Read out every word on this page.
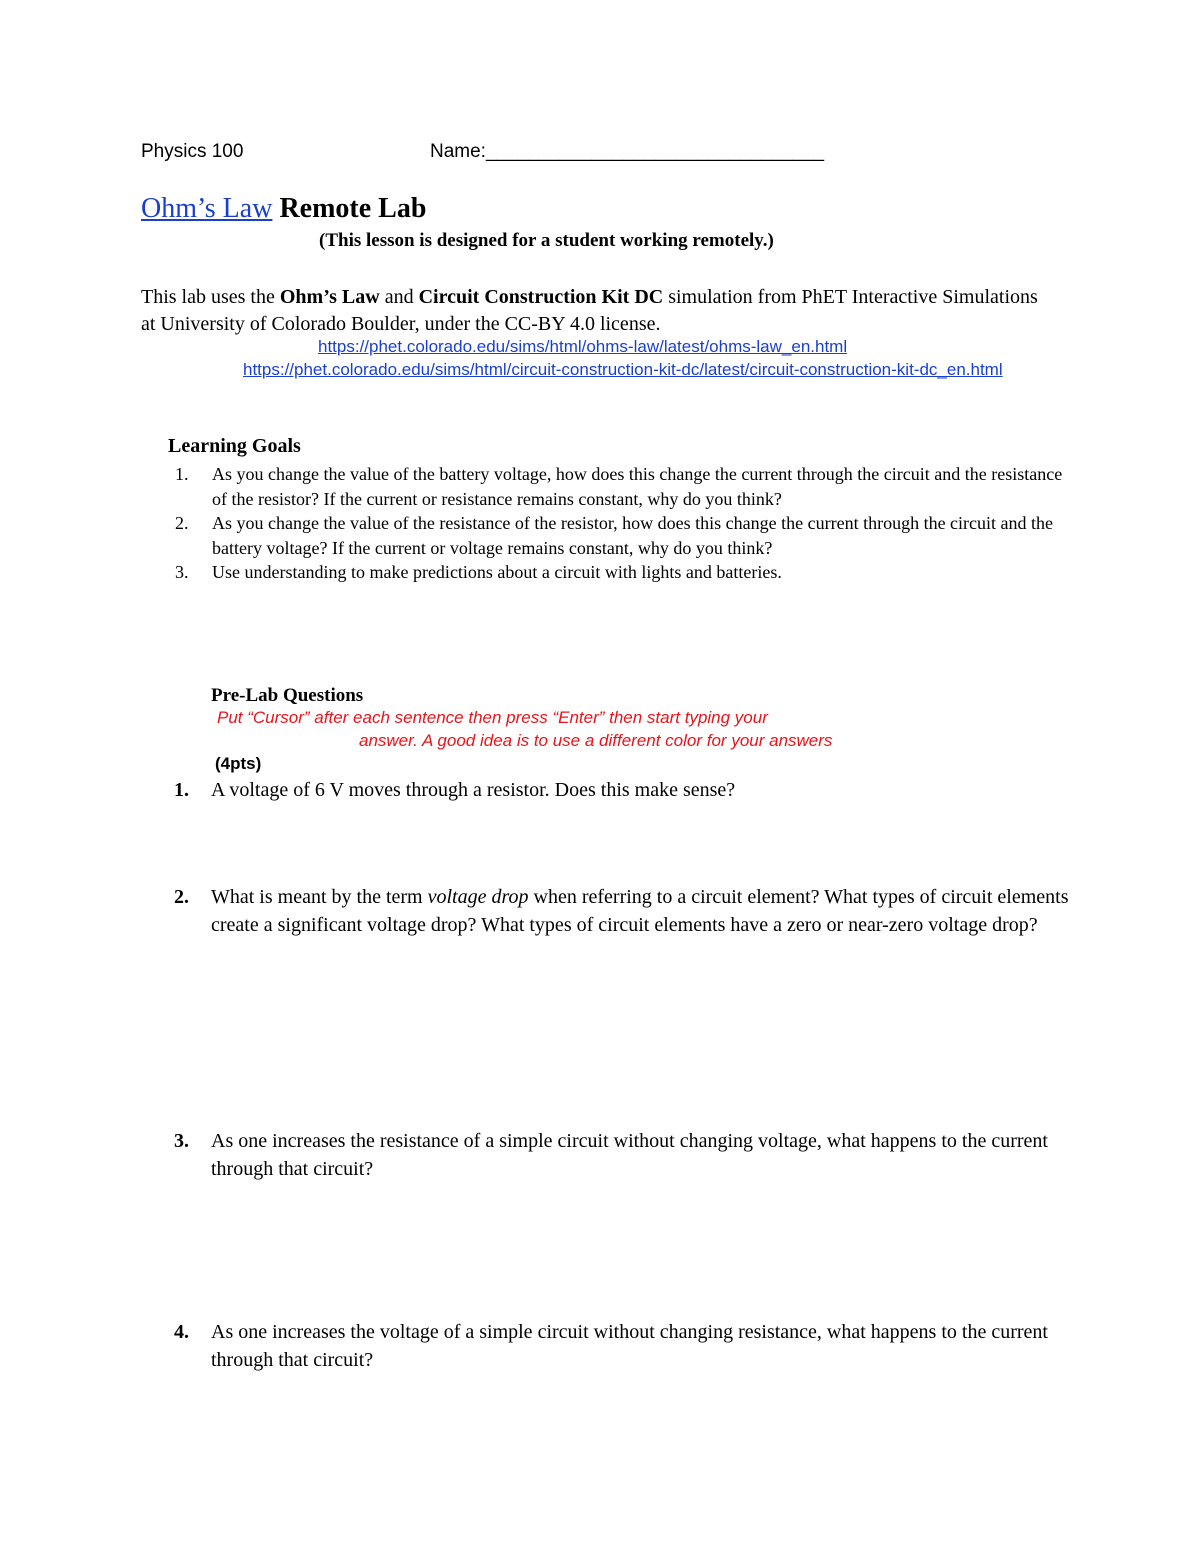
Physics 100	Name:________________________________
Ohm’s Law Remote Lab
(This lesson is designed for a student working remotely.)
This lab uses the Ohm’s Law and Circuit Construction Kit DC simulation from PhET Interactive Simulations at University of Colorado Boulder, under the CC-BY 4.0 license.
https://phet.colorado.edu/sims/html/ohms-law/latest/ohms-law_en.html
https://phet.colorado.edu/sims/html/circuit-construction-kit-dc/latest/circuit-construction-kit-dc_en.html
Learning Goals
1. As you change the value of the battery voltage, how does this change the current through the circuit and the resistance of the resistor? If the current or resistance remains constant, why do you think?
2. As you change the value of the resistance of the resistor, how does this change the current through the circuit and the battery voltage? If the current or voltage remains constant, why do you think?
3. Use understanding to make predictions about a circuit with lights and batteries.
Pre-Lab Questions
Put “Cursor” after each sentence then press “Enter” then start typing your
answer. A good idea is to use a different color for your answers
(4pts)
1. A voltage of 6 V moves through a resistor. Does this make sense?
2. What is meant by the term voltage drop when referring to a circuit element? What types of circuit elements create a significant voltage drop? What types of circuit elements have a zero or near-zero voltage drop?
3. As one increases the resistance of a simple circuit without changing voltage, what happens to the current through that circuit?
4. As one increases the voltage of a simple circuit without changing resistance, what happens to the current through that circuit?
